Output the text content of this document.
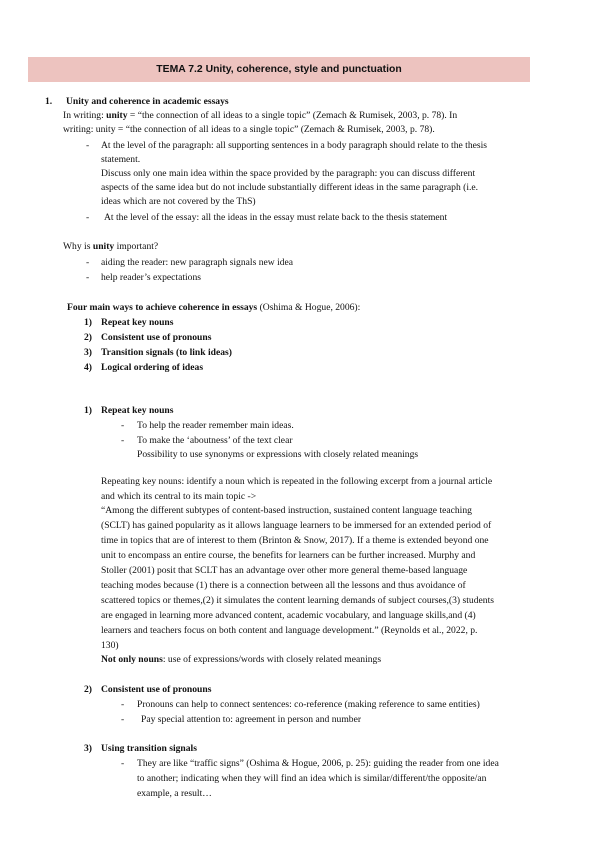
TEMA 7.2 Unity, coherence, style and punctuation
1. Unity and coherence in academic essays
In writing: unity = “the connection of all ideas to a single topic” (Zemach & Rumisek, 2003, p. 78). In
writing: unity = “the connection of all ideas to a single topic” (Zemach & Rumisek, 2003, p. 78).
- At the level of the paragraph: all supporting sentences in a body paragraph should relate to the thesis
statement.
Discuss only one main idea within the space provided by the paragraph: you can discuss different
aspects of the same idea but do not include substantially different ideas in the same paragraph (i.e.
ideas which are not covered by the ThS)
- At the level of the essay: all the ideas in the essay must relate back to the thesis statement
Why is unity important?
- aiding the reader: new paragraph signals new idea
- help reader’s expectations
Four main ways to achieve coherence in essays (Oshima & Hogue, 2006):
1) Repeat key nouns
2) Consistent use of pronouns
3) Transition signals (to link ideas)
4) Logical ordering of ideas
1) Repeat key nouns
- To help the reader remember main ideas.
- To make the ‘aboutness’ of the text clear
Possibility to use synonyms or expressions with closely related meanings
Repeating key nouns: identify a noun which is repeated in the following excerpt from a journal article
and which its central to its main topic ->
“Among the different subtypes of content-based instruction, sustained content language teaching
(SCLT) has gained popularity as it allows language learners to be immersed for an extended period of
time in topics that are of interest to them (Brinton & Snow, 2017). If a theme is extended beyond one
unit to encompass an entire course, the benefits for learners can be further increased. Murphy and
Stoller (2001) posit that SCLT has an advantage over other more general theme-based language
teaching modes because (1) there is a connection between all the lessons and thus avoidance of
scattered topics or themes,(2) it simulates the content learning demands of subject courses,(3) students
are engaged in learning more advanced content, academic vocabulary, and language skills,and (4)
learners and teachers focus on both content and language development.” (Reynolds et al., 2022, p.
130)
Not only nouns: use of expressions/words with closely related meanings
2) Consistent use of pronouns
- Pronouns can help to connect sentences: co-reference (making reference to same entities)
- Pay special attention to: agreement in person and number
3) Using transition signals
- They are like “traffic signs” (Oshima & Hogue, 2006, p. 25): guiding the reader from one idea
to another; indicating when they will find an idea which is similar/different/the opposite/an
example, a result…
